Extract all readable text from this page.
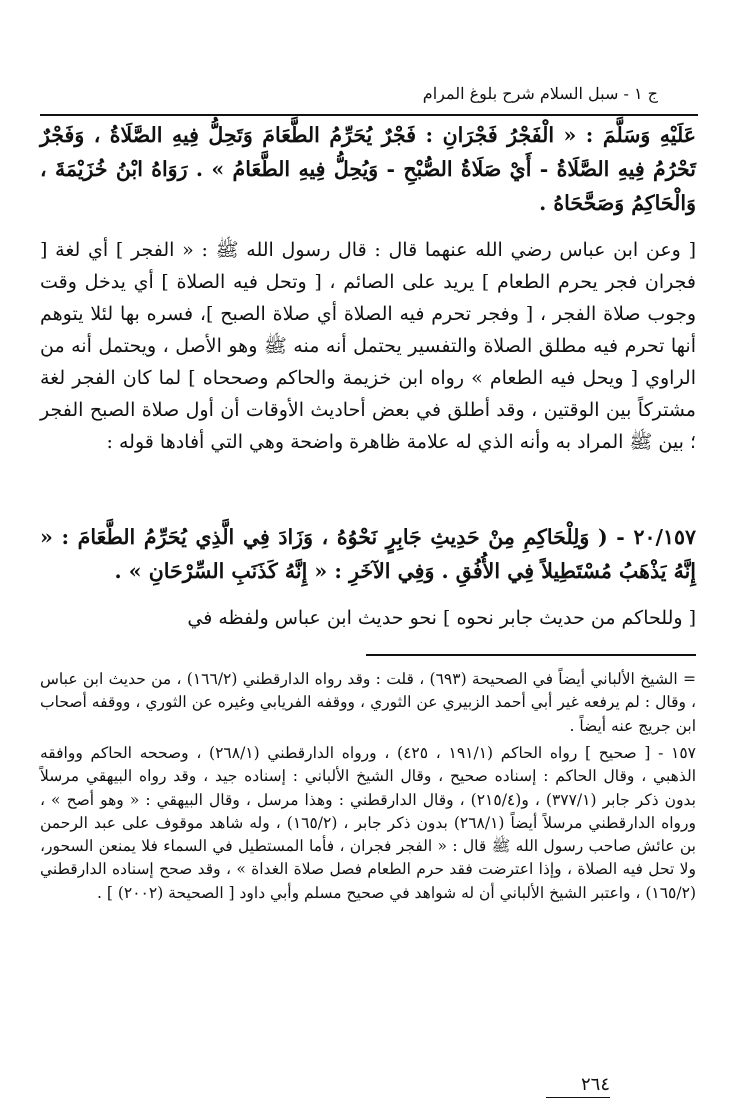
ج ١ - سبل السلام شرح بلوغ المرام
عَلَيْهِ وَسَلَّمَ : « الْفَجْرُ فَجْرَانِ : فَجْرٌ يُحَرِّمُ الطَّعَامَ وَتَحِلُّ فِيهِ الصَّلَاةُ ، وَفَجْرٌ تَحْرُمُ فِيهِ الصَّلَاةُ - أَيْ صَلَاةُ الصُّبْحِ - وَيُحِلُّ فِيهِ الطَّعَامُ » . رَوَاهُ ابْنُ خُزَيْمَةَ ، وَالْحَاكِمُ وَصَحَّحَاهُ .
[ وعن ابن عباس رضي الله عنهما قال : قال رسول الله ﷺ : « الفجر ] أي لغة [ فجران فجر يحرم الطعام ] يريد على الصائم ، [ وتحل فيه الصلاة ] أي يدخل وقت وجوب صلاة الفجر ، [ وفجر تحرم فيه الصلاة أي صلاة الصبح ]، فسره بها لئلا يتوهم أنها تحرم فيه مطلق الصلاة والتفسير يحتمل أنه منه ﷺ وهو الأصل ، ويحتمل أنه من الراوي [ ويحل فيه الطعام » رواه ابن خزيمة والحاكم وصححاه ] لما كان الفجر لغة مشتركاً بين الوقتين ، وقد أطلق في بعض أحاديث الأوقات أن أول صلاة الصبح الفجر ؛ بين ﷺ المراد به وأنه الذي له علامة ظاهرة واضحة وهي التي أفادها قوله :
٢٠/١٥٧ - ( وَلِلْحَاكِمِ مِنْ حَدِيثِ جَابِرٍ نَحْوُهُ ، وَزَادَ فِي الَّذِي يُحَرِّمُ الطَّعَامَ : « إِنَّهُ يَذْهَبُ مُسْتَطِيلاً فِي الأُفُقِ . وَفِي الآخَرِ : « إِنَّهُ كَذَنَبِ السِّرْحَانِ » .
[ وللحاكم من حديث جابر نحوه ] نحو حديث ابن عباس ولفظه في
= الشيخ الألباني أيضاً في الصحيحة (٦٩٣) ، قلت : وقد رواه الدارقطني (١٦٦/٢) ، من حديث ابن عباس ، وقال : لم يرفعه غير أبي أحمد الزبيري عن الثوري ، ووقفه الفريابي وغيره عن الثوري ، ووقفه أصحاب ابن جريج عنه أيضاً .
١٥٧ - [ صحيح ] رواه الحاكم (١٩١/١ ، ٤٢٥) ، ورواه الدارقطني (٢٦٨/١) ، وصححه الحاكم ووافقه الذهبي ، وقال الحاكم : إسناده صحيح ، وقال الشيخ الألباني : إسناده جيد ، وقد رواه البيهقي مرسلاً بدون ذكر جابر (٣٧٧/١) ، و(٢١٥/٤) ، وقال الدارقطني : وهذا مرسل ، وقال البيهقي : « وهو أصح » ، ورواه الدارقطني مرسلاً أيضاً (٢٦٨/١) بدون ذكر جابر ، (١٦٥/٢) ، وله شاهد موقوف على عبد الرحمن بن عائش صاحب رسول الله ﷺ قال : « الفجر فجران ، فأما المستطيل في السماء فلا يمنعن السحور، ولا تحل فيه الصلاة ، وإذا اعترضت فقد حرم الطعام فصل صلاة الغداة » ، وقد صحح إسناده الدارقطني (١٦٥/٢) ، واعتبر الشيخ الألباني أن له شواهد في صحيح مسلم وأبي داود [ الصحيحة (٢٠٠٢) ] .
٢٦٤
